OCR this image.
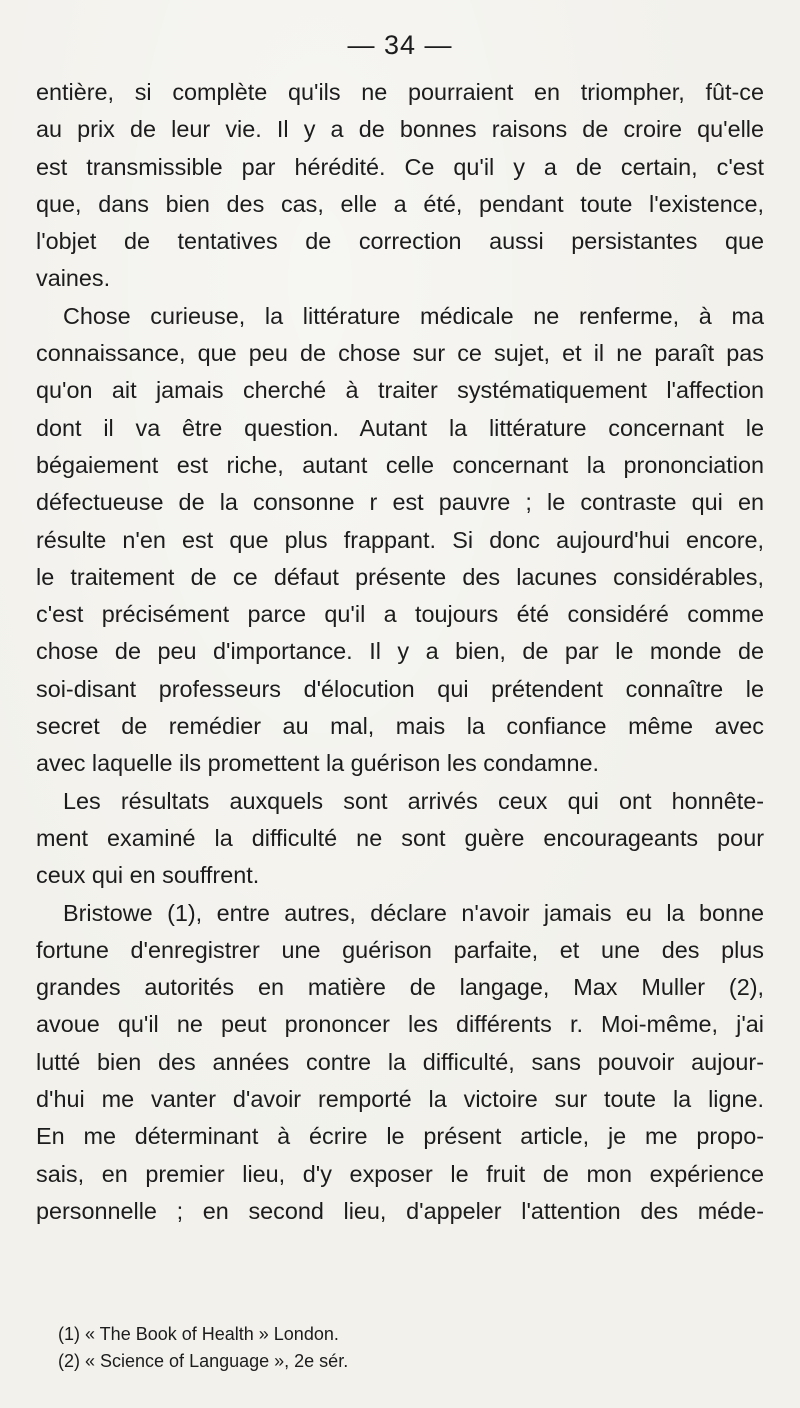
— 34 —
entière, si complète qu'ils ne pourraient en triompher, fût-ce
au prix de leur vie. Il y a de bonnes raisons de croire qu'elle
est transmissible par hérédité. Ce qu'il y a de certain, c'est
que, dans bien des cas, elle a été, pendant toute l'existence,
l'objet de tentatives de correction aussi persistantes que
vaines.
Chose curieuse, la littérature médicale ne renferme, à ma
connaissance, que peu de chose sur ce sujet, et il ne paraît pas
qu'on ait jamais cherché à traiter systématiquement l'affection
dont il va être question. Autant la littérature concernant le
bégaiement est riche, autant celle concernant la prononciation
défectueuse de la consonne r est pauvre ; le contraste qui en
résulte n'en est que plus frappant. Si donc aujourd'hui encore,
le traitement de ce défaut présente des lacunes considérables,
c'est précisément parce qu'il a toujours été considéré comme
chose de peu d'importance. Il y a bien, de par le monde de
soi-disant professeurs d'élocution qui prétendent connaître le
secret de remédier au mal, mais la confiance même avec
avec laquelle ils promettent la guérison les condamne.
Les résultats auxquels sont arrivés ceux qui ont honnête-
ment examiné la difficulté ne sont guère encourageants pour
ceux qui en souffrent.
Bristowe (1), entre autres, déclare n'avoir jamais eu la bonne
fortune d'enregistrer une guérison parfaite, et une des plus
grandes autorités en matière de langage, Max Muller (2),
avoue qu'il ne peut prononcer les différents r. Moi-même, j'ai
lutté bien des années contre la difficulté, sans pouvoir aujour-
d'hui me vanter d'avoir remporté la victoire sur toute la ligne.
En me déterminant à écrire le présent article, je me propo-
sais, en premier lieu, d'y exposer le fruit de mon expérience
personnelle ; en second lieu, d'appeler l'attention des méde-
(1) « The Book of Health » London.
(2) « Science of Language », 2e sér.
